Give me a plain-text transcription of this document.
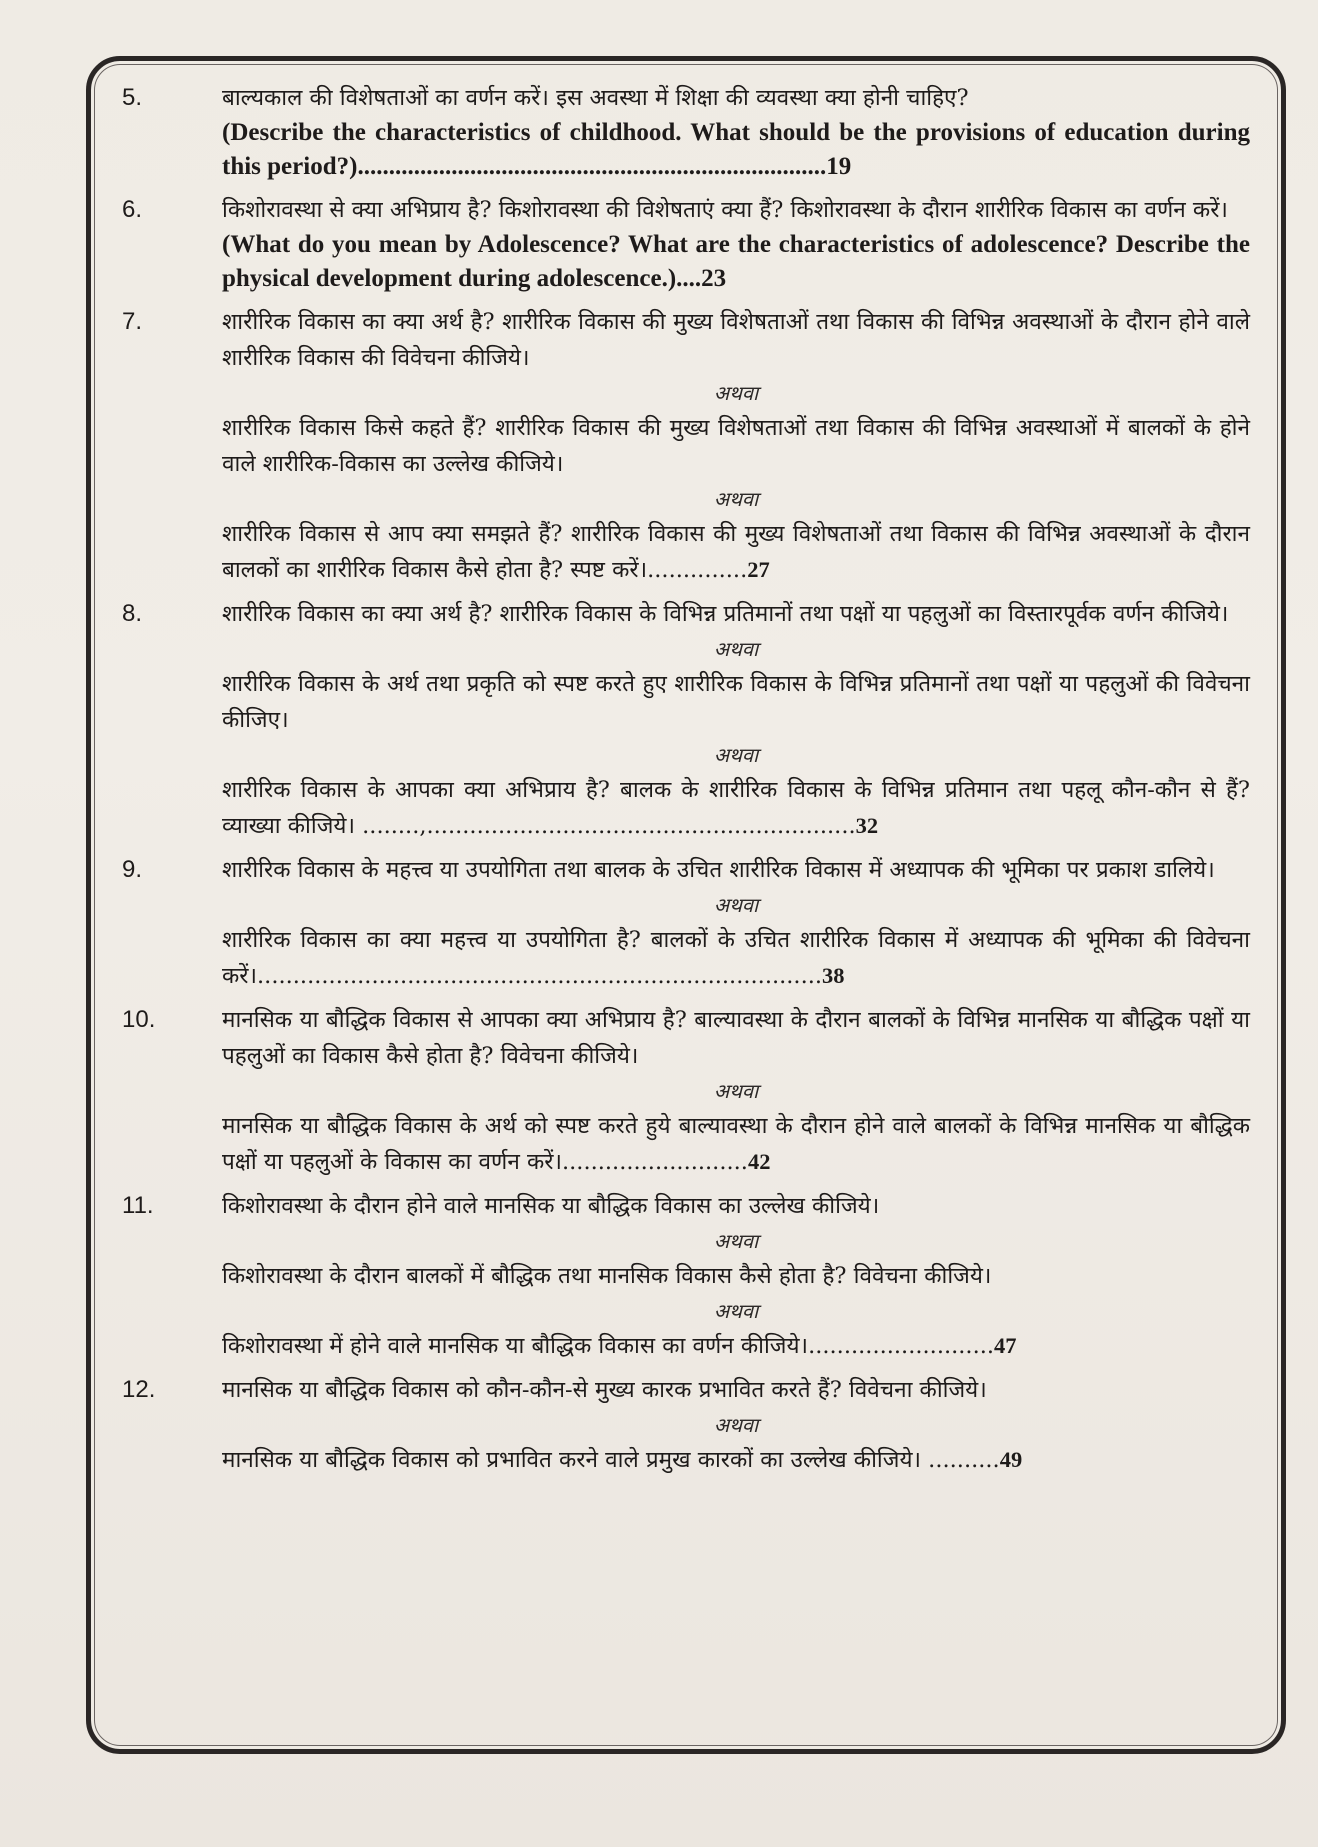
5.	बाल्यकाल की विशेषताओं का वर्णन करें। इस अवस्था में शिक्षा की व्यवस्था क्या होनी चाहिए?

(Describe the characteristics of childhood. What should be the provisions of education during this period?)...........................................................................19

6.	किशोरावस्था से क्या अभिप्राय है? किशोरावस्था की विशेषताएं क्या हैं? किशोरावस्था के दौरान शारीरिक विकास का वर्णन करें।

(What do you mean by Adolescence? What are the characteristics of adolescence? Describe the physical development during adolescence.)....23

7.	शारीरिक विकास का क्या अर्थ है? शारीरिक विकास की मुख्य विशेषताओं तथा विकास की विभिन्न अवस्थाओं के दौरान होने वाले शारीरिक विकास की विवेचना कीजिये।

अथवा

शारीरिक विकास किसे कहते हैं? शारीरिक विकास की मुख्य विशेषताओं तथा विकास की विभिन्न अवस्थाओं में बालकों के होने वाले शारीरिक-विकास का उल्लेख कीजिये।

अथवा

शारीरिक विकास से आप क्या समझते हैं? शारीरिक विकास की मुख्य विशेषताओं तथा विकास की विभिन्न अवस्थाओं के दौरान बालकों का शारीरिक विकास कैसे होता है? स्पष्ट करें।..............27

8.	शारीरिक विकास का क्या अर्थ है? शारीरिक विकास के विभिन्न प्रतिमानों तथा पक्षों या पहलुओं का विस्तारपूर्वक वर्णन कीजिये।

अथवा

शारीरिक विकास के अर्थ तथा प्रकृति को स्पष्ट करते हुए शारीरिक विकास के विभिन्न प्रतिमानों तथा पक्षों या पहलुओं की विवेचना कीजिए।

अथवा

शारीरिक विकास के आपका क्या अभिप्राय है? बालक के शारीरिक विकास के विभिन्न प्रतिमान तथा पहलू कौन-कौन से हैं? व्याख्या कीजिये। ........,............................................................32

9.	शारीरिक विकास के महत्त्व या उपयोगिता तथा बालक के उचित शारीरिक विकास में अध्यापक की भूमिका पर प्रकाश डालिये।

अथवा

शारीरिक विकास का क्या महत्त्व या उपयोगिता है? बालकों के उचित शारीरिक विकास में अध्यापक की भूमिका की विवेचना करें।...............................................................................38

10.	मानसिक या बौद्धिक विकास से आपका क्या अभिप्राय है? बाल्यावस्था के दौरान बालकों के विभिन्न मानसिक या बौद्धिक पक्षों या पहलुओं का विकास कैसे होता है? विवेचना कीजिये।

अथवा

मानसिक या बौद्धिक विकास के अर्थ को स्पष्ट करते हुये बाल्यावस्था के दौरान होने वाले बालकों के विभिन्न मानसिक या बौद्धिक पक्षों या पहलुओं के विकास का वर्णन करें।..........................42

11.	किशोरावस्था के दौरान होने वाले मानसिक या बौद्धिक विकास का उल्लेख कीजिये।

अथवा

किशोरावस्था के दौरान बालकों में बौद्धिक तथा मानसिक विकास कैसे होता है? विवेचना कीजिये।

अथवा

किशोरावस्था में होने वाले मानसिक या बौद्धिक विकास का वर्णन कीजिये।..........................47

12.	मानसिक या बौद्धिक विकास को कौन-कौन-से मुख्य कारक प्रभावित करते हैं? विवेचना कीजिये।

अथवा

मानसिक या बौद्धिक विकास को प्रभावित करने वाले प्रमुख कारकों का उल्लेख कीजिये। ..........49
